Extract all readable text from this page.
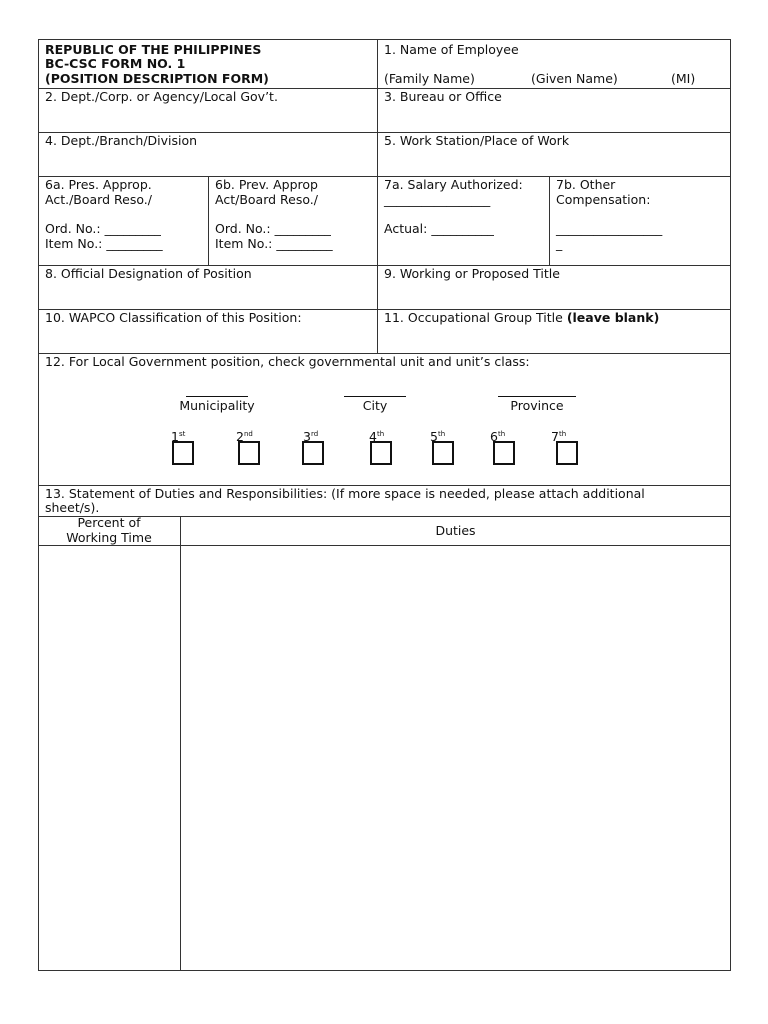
REPUBLIC OF THE PHILIPPINES
BC-CSC FORM NO. 1
(POSITION DESCRIPTION FORM)
1. Name of Employee
(Family Name)	(Given Name)	(MI)
2. Dept./Corp. or Agency/Local Gov’t.	3. Bureau or Office
4. Dept./Branch/Division	5. Work Station/Place of Work
6a. Pres. Approp.
Act./Board Reso./
Ord. No.: _________
Item No.: _________
6b. Prev. Approp
Act/Board Reso./
Ord. No.: _________
Item No.: _________
7a. Salary Authorized:
_________________
Actual: __________
7b. Other
Compensation:
_________________
_
8. Official Designation of Position	9. Working or Proposed Title
10. WAPCO Classification of this Position:	11. Occupational Group Title (leave blank)
12. For Local Government position, check governmental unit and unit’s class:
Municipality	City	Province
1st	2nd	3rd	4th	5th	6th	7th
13. Statement of Duties and Responsibilities: (If more space is needed, please attach additional
sheet/s).
Percent of
Working Time	Duties
